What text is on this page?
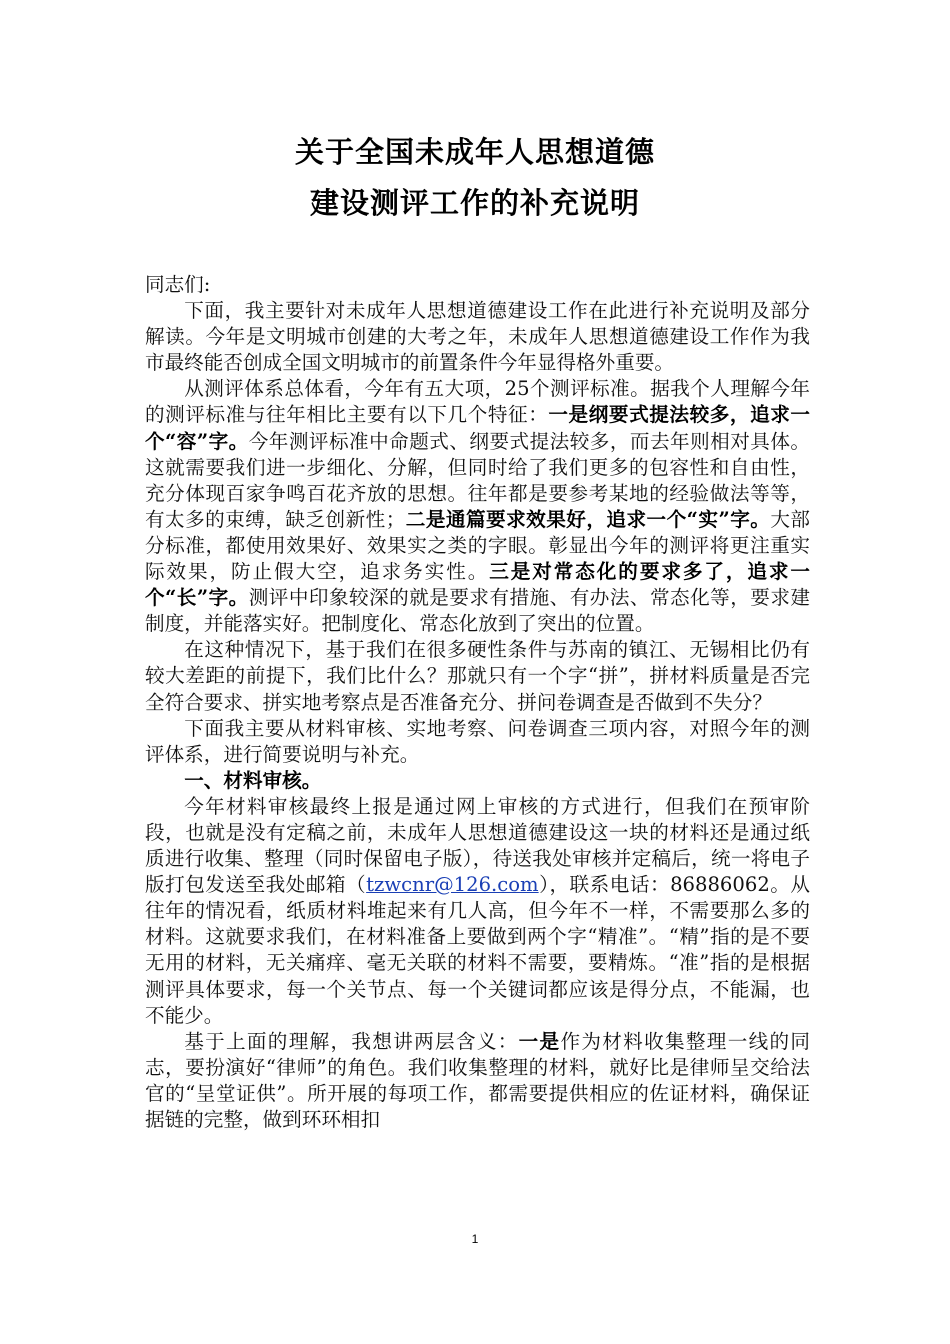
关于全国未成年人思想道德
建设测评工作的补充说明

同志们:

下面，我主要针对未成年人思想道德建设工作在此进行补充说明及部分解读。今年是文明城市创建的大考之年，未成年人思想道德建设工作作为我市最终能否创成全国文明城市的前置条件今年显得格外重要。

从测评体系总体看，今年有五大项，25个测评标准。据我个人理解今年的测评标准与往年相比主要有以下几个特征：一是纲要式提法较多，追求一个“容”字。今年测评标准中命题式、纲要式提法较多，而去年则相对具体。这就需要我们进一步细化、分解，但同时给了我们更多的包容性和自由性，充分体现百家争鸣百花齐放的思想。往年都是要参考某地的经验做法等等，有太多的束缚，缺乏创新性；二是通篇要求效果好，追求一个“实”字。大部分标准，都使用效果好、效果实之类的字眼。彰显出今年的测评将更注重实际效果，防止假大空，追求务实性。三是对常态化的要求多了，追求一个“长”字。测评中印象较深的就是要求有措施、有办法、常态化等，要求建制度，并能落实好。把制度化、常态化放到了突出的位置。

在这种情况下，基于我们在很多硬性条件与苏南的镇江、无锡相比仍有较大差距的前提下，我们比什么？那就只有一个字“拼”，拼材料质量是否完全符合要求、拼实地考察点是否准备充分、拼问卷调查是否做到不失分？

下面我主要从材料审核、实地考察、问卷调查三项内容，对照今年的测评体系，进行简要说明与补充。

一、材料审核。

今年材料审核最终上报是通过网上审核的方式进行，但我们在预审阶段，也就是没有定稿之前，未成年人思想道德建设这一块的材料还是通过纸质进行收集、整理（同时保留电子版），待送我处审核并定稿后，统一将电子版打包发送至我处邮箱（tzwcnr@126.com），联系电话：86886062。从往年的情况看，纸质材料堆起来有几人高，但今年不一样，不需要那么多的材料。这就要求我们，在材料准备上要做到两个字“精准”。“精”指的是不要无用的材料，无关痛痒、毫无关联的材料不需要，要精炼。“准”指的是根据测评具体要求，每一个关节点、每一个关键词都应该是得分点，不能漏，也不能少。

基于上面的理解，我想讲两层含义：一是作为材料收集整理一线的同志，要扮演好“律师”的角色。我们收集整理的材料，就好比是律师呈交给法官的“呈堂证供”。所开展的每项工作，都需要提供相应的佐证材料，确保证据链的完整，做到环环相扣

1
